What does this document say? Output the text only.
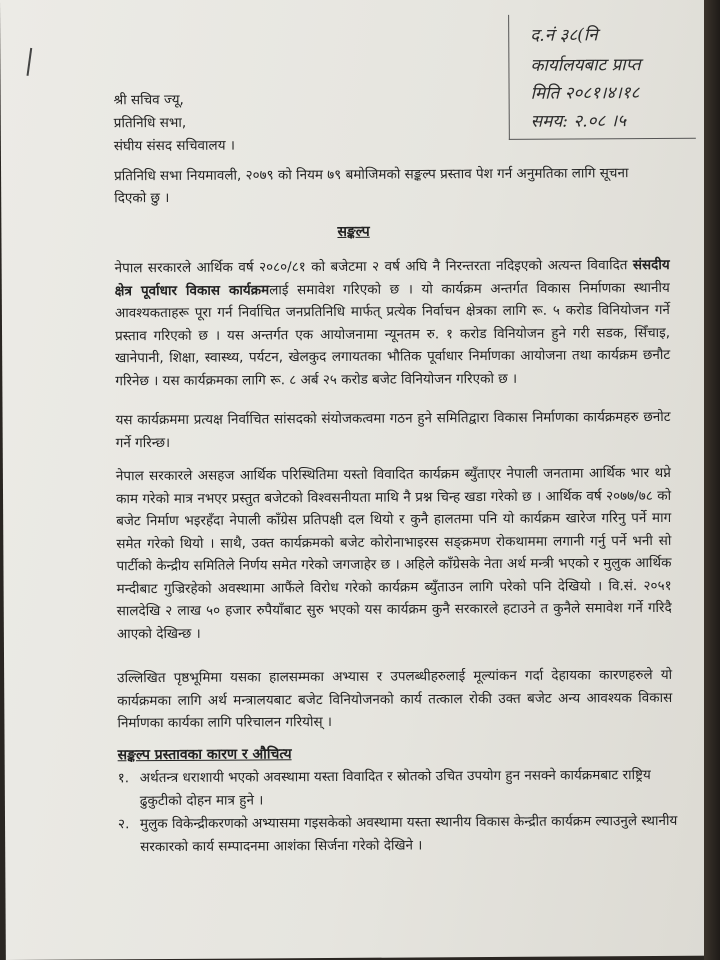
द.नं ३८(नि
कार्यालयबाट प्राप्त
मिति २०८१।४।१८
समय: २.०८ ।५
श्री सचिव ज्यू,
प्रतिनिधि सभा,
संघीय संसद सचिवालय ।
प्रतिनिधि सभा नियमावली, २०७९ को नियम ७९ बमोजिमको सङ्कल्प प्रस्ताव पेश गर्न अनुमतिका लागि सूचना दिएको छु ।
सङ्कल्प
नेपाल सरकारले आर्थिक वर्ष २०८०/८१ को बजेटमा २ वर्ष अघि नै निरन्तरता नदिइएको अत्यन्त विवादित संसदीय क्षेत्र पूर्वाधार विकास कार्यक्रमलाई समावेश गरिएको छ । यो कार्यक्रम अन्तर्गत विकास निर्माणका स्थानीय आवश्यकताहरू पूरा गर्न निर्वाचित जनप्रतिनिधि मार्फत् प्रत्येक निर्वाचन क्षेत्रका लागि रू. ५ करोड विनियोजन गर्ने प्रस्ताव गरिएको छ । यस अन्तर्गत एक आयोजनामा न्यूनतम रु. १ करोड विनियोजन हुने गरी सडक, सिँचाइ, खानेपानी, शिक्षा, स्वास्थ्य, पर्यटन, खेलकुद लगायतका भौतिक पूर्वाधार निर्माणका आयोजना तथा कार्यक्रम छनौट गरिनेछ । यस कार्यक्रमका लागि रू. ८ अर्ब २५ करोड बजेट विनियोजन गरिएको छ ।
यस कार्यक्रममा प्रत्यक्ष निर्वाचित सांसदको संयोजकत्वमा गठन हुने समितिद्वारा विकास निर्माणका कार्यक्रमहरु छनोट गर्ने गरिन्छ।
नेपाल सरकारले असहज आर्थिक परिस्थितिमा यस्तो विवादित कार्यक्रम ब्युँताएर नेपाली जनतामा आर्थिक भार थप्ने काम गरेको मात्र नभएर प्रस्तुत बजेटको विश्वसनीयता माथि नै प्रश्न चिन्ह खडा गरेको छ । आर्थिक वर्ष २०७७/७८ को बजेट निर्माण भइरहँदा नेपाली काँग्रेस प्रतिपक्षी दल थियो र कुनै हालतमा पनि यो कार्यक्रम खारेज गरिनु पर्ने माग समेत गरेको थियो । साथै, उक्त कार्यक्रमको बजेट कोरोनाभाइरस सङ्क्रमण रोकथाममा लगानी गर्नु पर्ने भनी सो पार्टीको केन्द्रीय समितिले निर्णय समेत गरेको जगजाहेर छ । अहिले काँग्रेसके नेता अर्थ मन्त्री भएको र मुलुक आर्थिक मन्दीबाट गुज्रिरहेको अवस्थामा आफैंले विरोध गरेको कार्यक्रम ब्युँताउन लागि परेको पनि देखियो । वि.सं. २०५१ सालदेखि २ लाख ५० हजार रुपैयाँबाट सुरु भएको यस कार्यक्रम कुनै सरकारले हटाउने त कुनैले समावेश गर्ने गरिदै आएको देखिन्छ ।
उल्लिखित पृष्ठभूमिमा यसका हालसम्मका अभ्यास र उपलब्धीहरुलाई मूल्यांकन गर्दा देहायका कारणहरुले यो कार्यक्रमका लागि अर्थ मन्त्रालयबाट बजेट विनियोजनको कार्य तत्काल रोकी उक्त बजेट अन्य आवश्यक विकास निर्माणका कार्यका लागि परिचालन गरियोस् ।
सङ्कल्प प्रस्तावका कारण र औचित्य
१. अर्थतन्त्र धराशायी भएको अवस्थामा यस्ता विवादित र स्रोतको उचित उपयोग हुन नसक्ने कार्यक्रमबाट राष्ट्रिय ढुकुटीको दोहन मात्र हुने ।
२. मुलुक विकेन्द्रीकरणको अभ्यासमा गइसकेको अवस्थामा यस्ता स्थानीय विकास केन्द्रीत कार्यक्रम ल्याउनुले स्थानीय सरकारको कार्य सम्पादनमा आशंका सिर्जना गरेको देखिने ।
